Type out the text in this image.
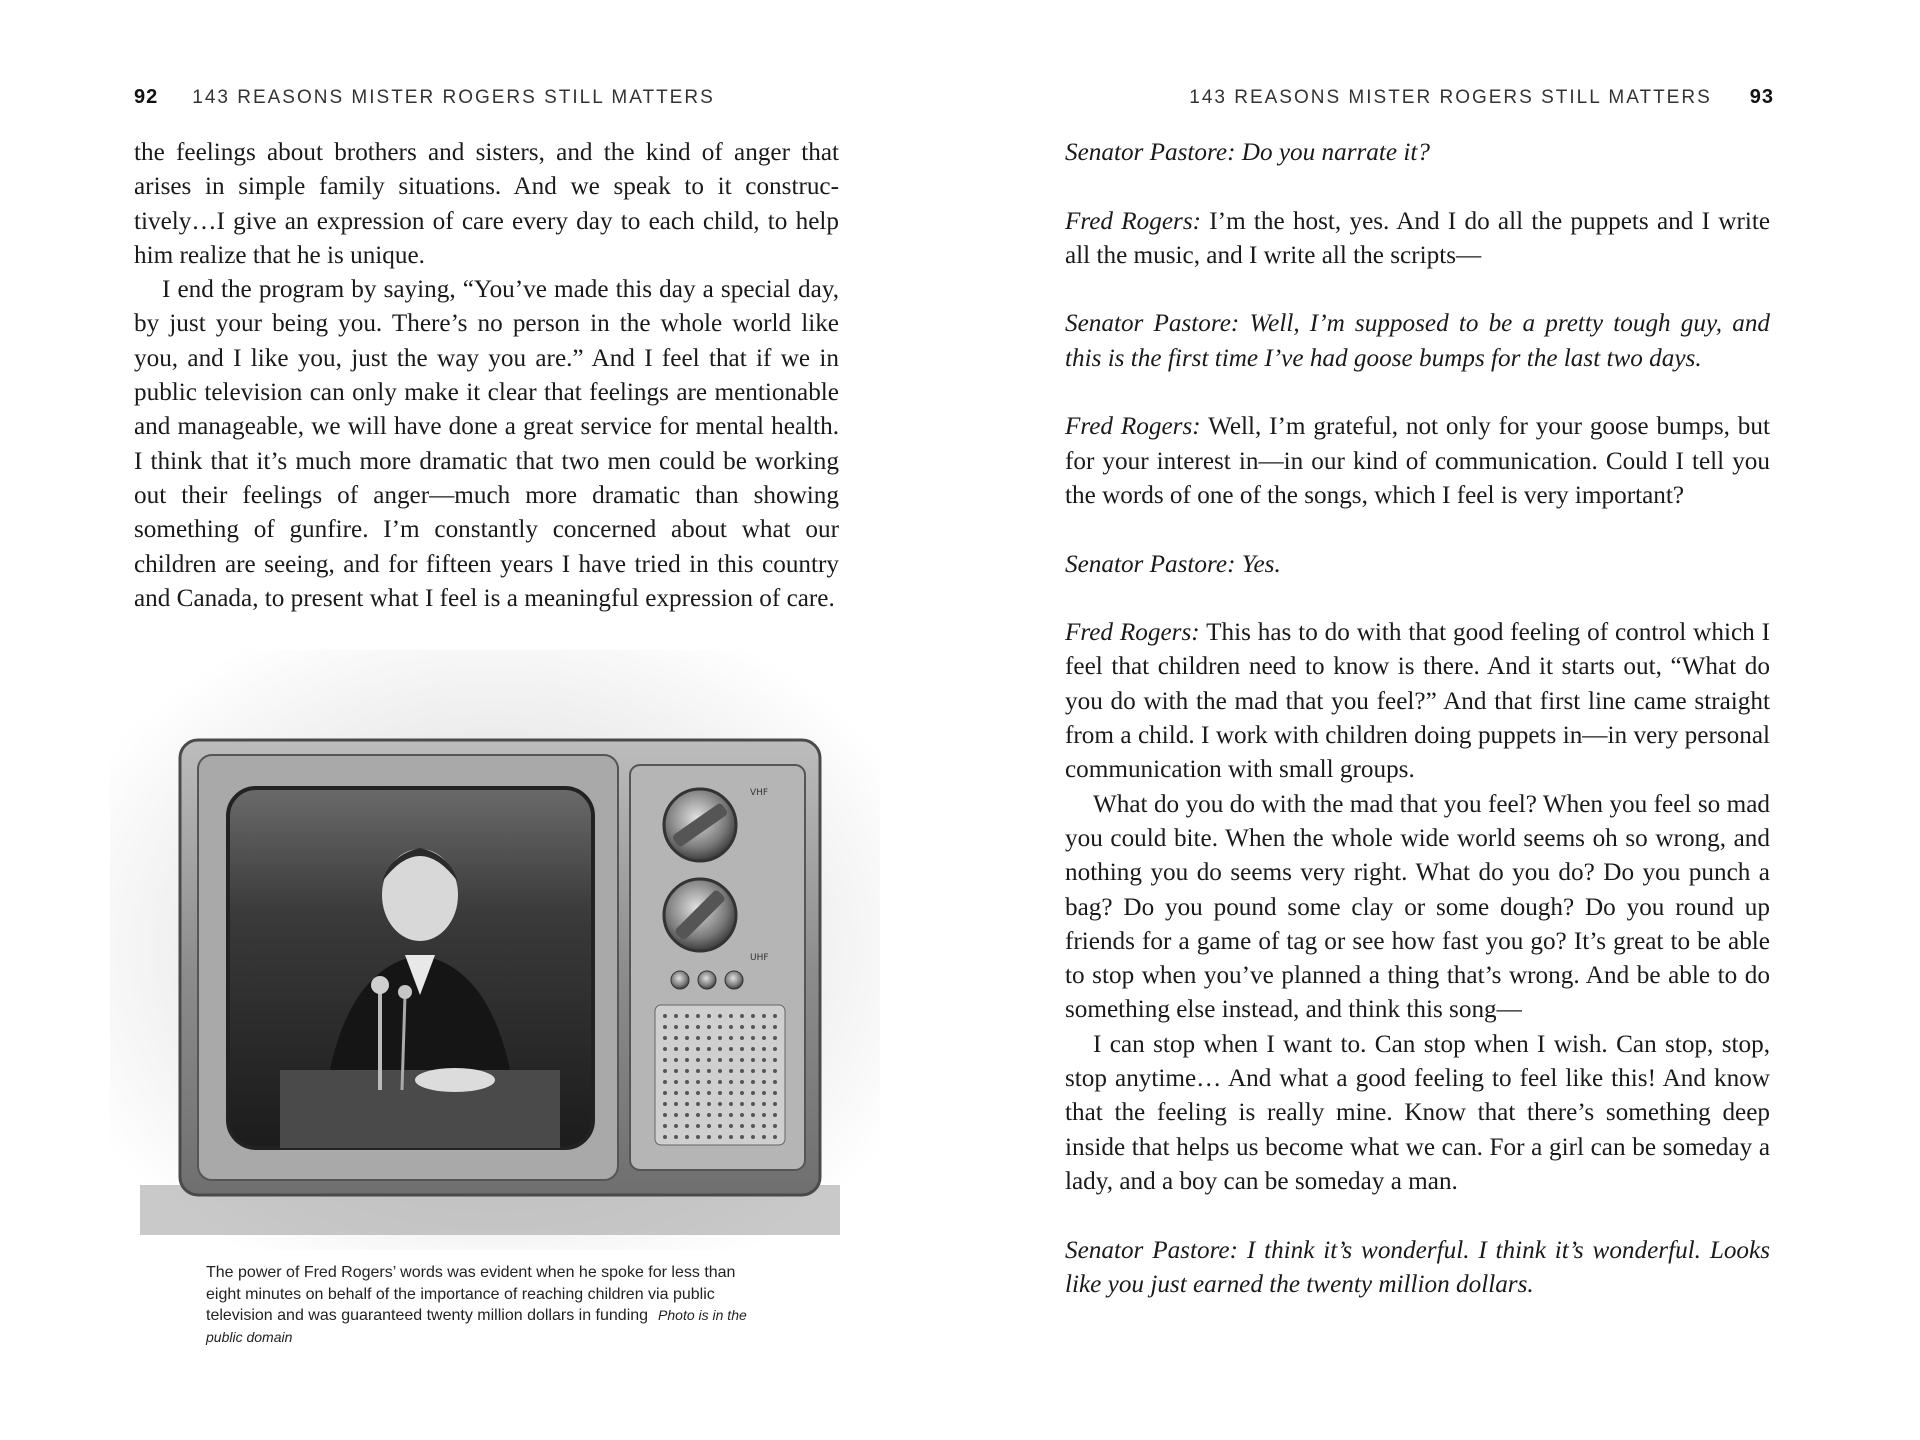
92 143 REASONS MISTER ROGERS STILL MATTERS

the feelings about brothers and sisters, and the kind of anger that arises in simple family situations. And we speak to it constructively…I give an expression of care every day to each child, to help him realize that he is unique.

I end the program by saying, “You’ve made this day a special day, by just your being you. There’s no person in the whole world like you, and I like you, just the way you are.” And I feel that if we in public television can only make it clear that feelings are mentionable and manageable, we will have done a great service for mental health. I think that it’s much more dramatic that two men could be working out their feelings of anger—much more dramatic than showing something of gunfire. I’m constantly concerned about what our children are seeing, and for fifteen years I have tried in this country and Canada, to present what I feel is a meaningful expression of care.

VHF
UHF
The power of Fred Rogers’ words was evident when he spoke for less than eight minutes on behalf of the importance of reaching children via public television and was guaranteed twenty million dollars in funding Photo is in the public domain
143 REASONS MISTER ROGERS STILL MATTERS 93

Senator Pastore: Do you narrate it?

Fred Rogers: I’m the host, yes. And I do all the puppets and I write all the music, and I write all the scripts—

Senator Pastore: Well, I’m supposed to be a pretty tough guy, and this is the first time I’ve had goose bumps for the last two days.

Fred Rogers: Well, I’m grateful, not only for your goose bumps, but for your interest in—in our kind of communication. Could I tell you the words of one of the songs, which I feel is very important?

Senator Pastore: Yes.

Fred Rogers: This has to do with that good feeling of control which I feel that children need to know is there. And it starts out, “What do you do with the mad that you feel?” And that first line came straight from a child. I work with children doing puppets in—in very personal communication with small groups.

What do you do with the mad that you feel? When you feel so mad you could bite. When the whole wide world seems oh so wrong, and nothing you do seems very right. What do you do? Do you punch a bag? Do you pound some clay or some dough? Do you round up friends for a game of tag or see how fast you go? It’s great to be able to stop when you’ve planned a thing that’s wrong. And be able to do something else instead, and think this song—

I can stop when I want to. Can stop when I wish. Can stop, stop, stop anytime… And what a good feeling to feel like this! And know that the feeling is really mine. Know that there’s something deep inside that helps us become what we can. For a girl can be someday a lady, and a boy can be someday a man.

Senator Pastore: I think it’s wonderful. I think it’s wonderful. Looks like you just earned the twenty million dollars.
